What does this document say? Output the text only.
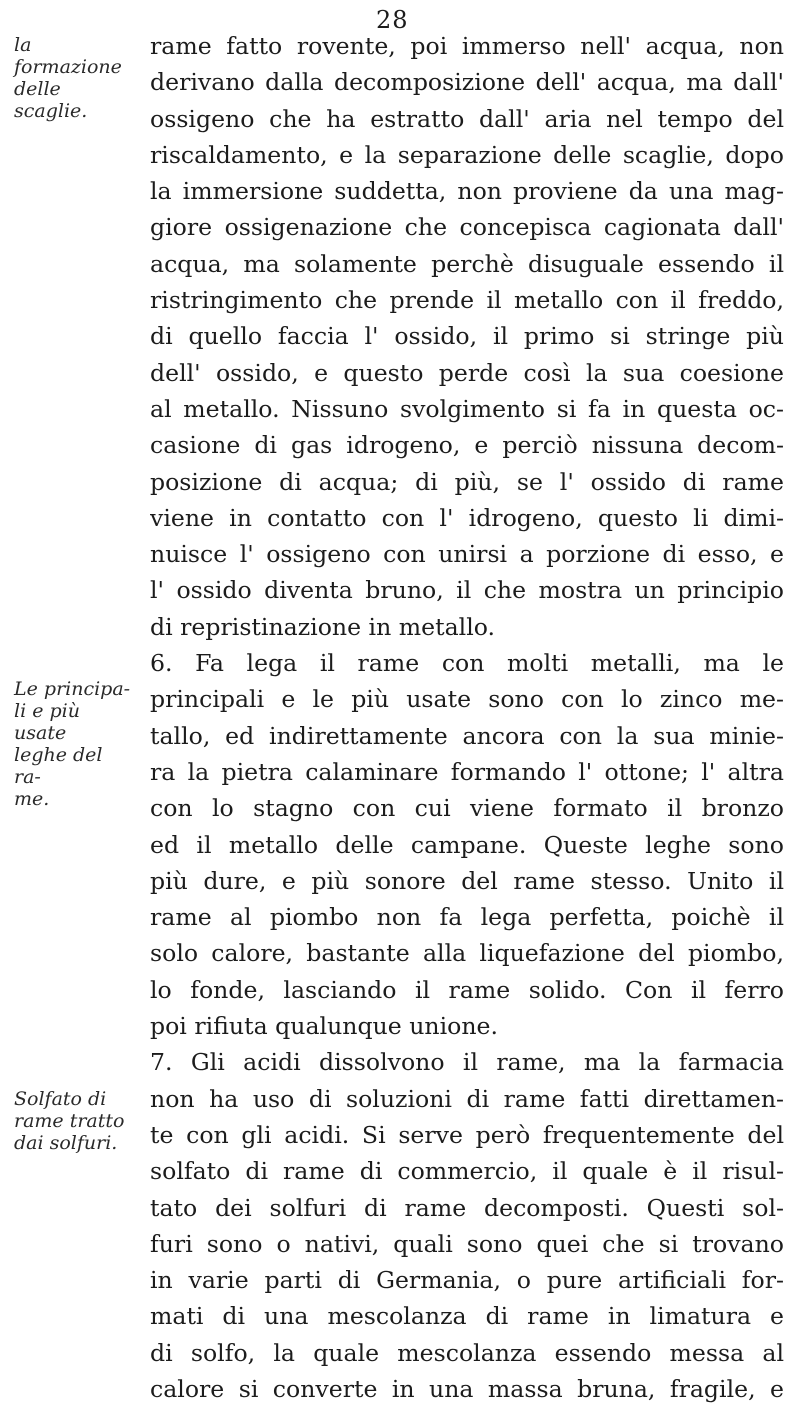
28
la formazione
delle scaglie.
Le principa-
li e più usate
leghe del ra-
me.
Solfato di
rame tratto
dai solfuri.
rame fatto rovente, poi immerso nell' acqua, non
derivano dalla decomposizione dell' acqua, ma dall'
ossigeno che ha estratto dall' aria nel tempo del
riscaldamento, e la separazione delle scaglie, dopo
la immersione suddetta, non proviene da una mag-
giore ossigenazione che concepisca cagionata dall'
acqua, ma solamente perchè disuguale essendo il
ristringimento che prende il metallo con il freddo,
di quello faccia l' ossido, il primo si stringe più
dell' ossido, e questo perde così la sua coesione
al metallo. Nissuno svolgimento si fa in questa oc-
casione di gas idrogeno, e perciò nissuna decom-
posizione di acqua; di più, se l' ossido di rame
viene in contatto con l' idrogeno, questo li dimi-
nuisce l' ossigeno con unirsi a porzione di esso, e
l' ossido diventa bruno, il che mostra un principio
di repristinazione in metallo.
6. Fa lega il rame con molti metalli, ma le
principali e le più usate sono con lo zinco me-
tallo, ed indirettamente ancora con la sua minie-
ra la pietra calaminare formando l' ottone; l' altra
con lo stagno con cui viene formato il bronzo
ed il metallo delle campane. Queste leghe sono
più dure, e più sonore del rame stesso. Unito il
rame al piombo non fa lega perfetta, poichè il
solo calore, bastante alla liquefazione del piombo,
lo fonde, lasciando il rame solido. Con il ferro
poi rifiuta qualunque unione.
7. Gli acidi dissolvono il rame, ma la farmacia
non ha uso di soluzioni di rame fatti direttamen-
te con gli acidi. Si serve però frequentemente del
solfato di rame di commercio, il quale è il risul-
tato dei solfuri di rame decomposti. Questi sol-
furi sono o nativi, quali sono quei che si trovano
in varie parti di Germania, o pure artificiali for-
mati di una mescolanza di rame in limatura e
di solfo, la quale mescolanza essendo messa al
calore si converte in una massa bruna, fragile, e
